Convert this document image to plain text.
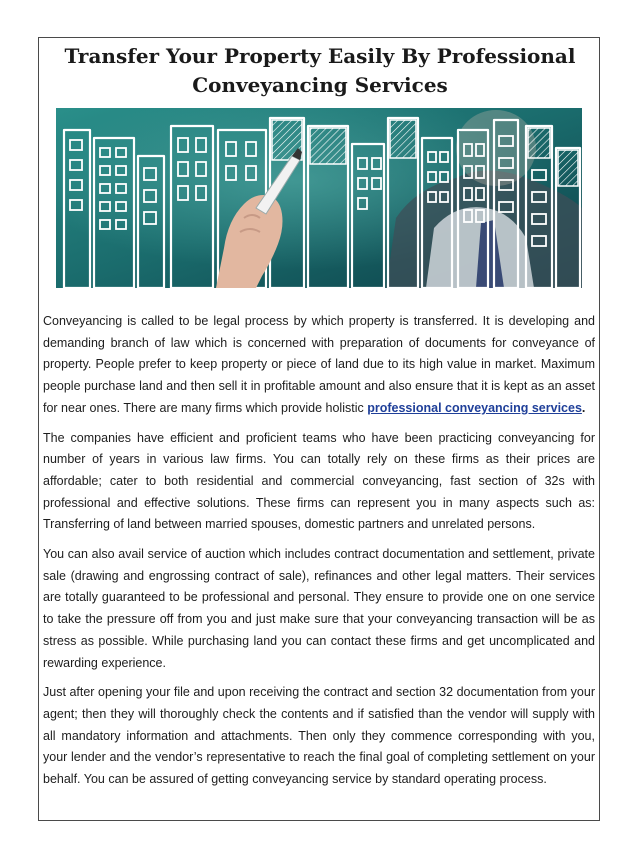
Transfer Your Property Easily By Professional Conveyancing Services

Conveyancing is called to be legal process by which property is transferred. It is developing and demanding branch of law which is concerned with preparation of documents for conveyance of property. People prefer to keep property or piece of land due to its high value in market. Maximum people purchase land and then sell it in profitable amount and also ensure that it is kept as an asset for near ones. There are many firms which provide holistic professional conveyancing services.

The companies have efficient and proficient teams who have been practicing conveyancing for number of years in various law firms. You can totally rely on these firms as their prices are affordable; cater to both residential and commercial conveyancing, fast section of 32s with professional and effective solutions. These firms can represent you in many aspects such as: Transferring of land between married spouses, domestic partners and unrelated persons.

You can also avail service of auction which includes contract documentation and settlement, private sale (drawing and engrossing contract of sale), refinances and other legal matters. Their services are totally guaranteed to be professional and personal. They ensure to provide one on one service to take the pressure off from you and just make sure that your conveyancing transaction will be as stress as possible. While purchasing land you can contact these firms and get uncomplicated and rewarding experience.

Just after opening your file and upon receiving the contract and section 32 documentation from your agent; then they will thoroughly check the contents and if satisfied than the vendor will supply with all mandatory information and attachments. Then only they commence corresponding with you, your lender and the vendor’s representative to reach the final goal of completing settlement on your behalf. You can be assured of getting conveyancing service by standard operating process.
